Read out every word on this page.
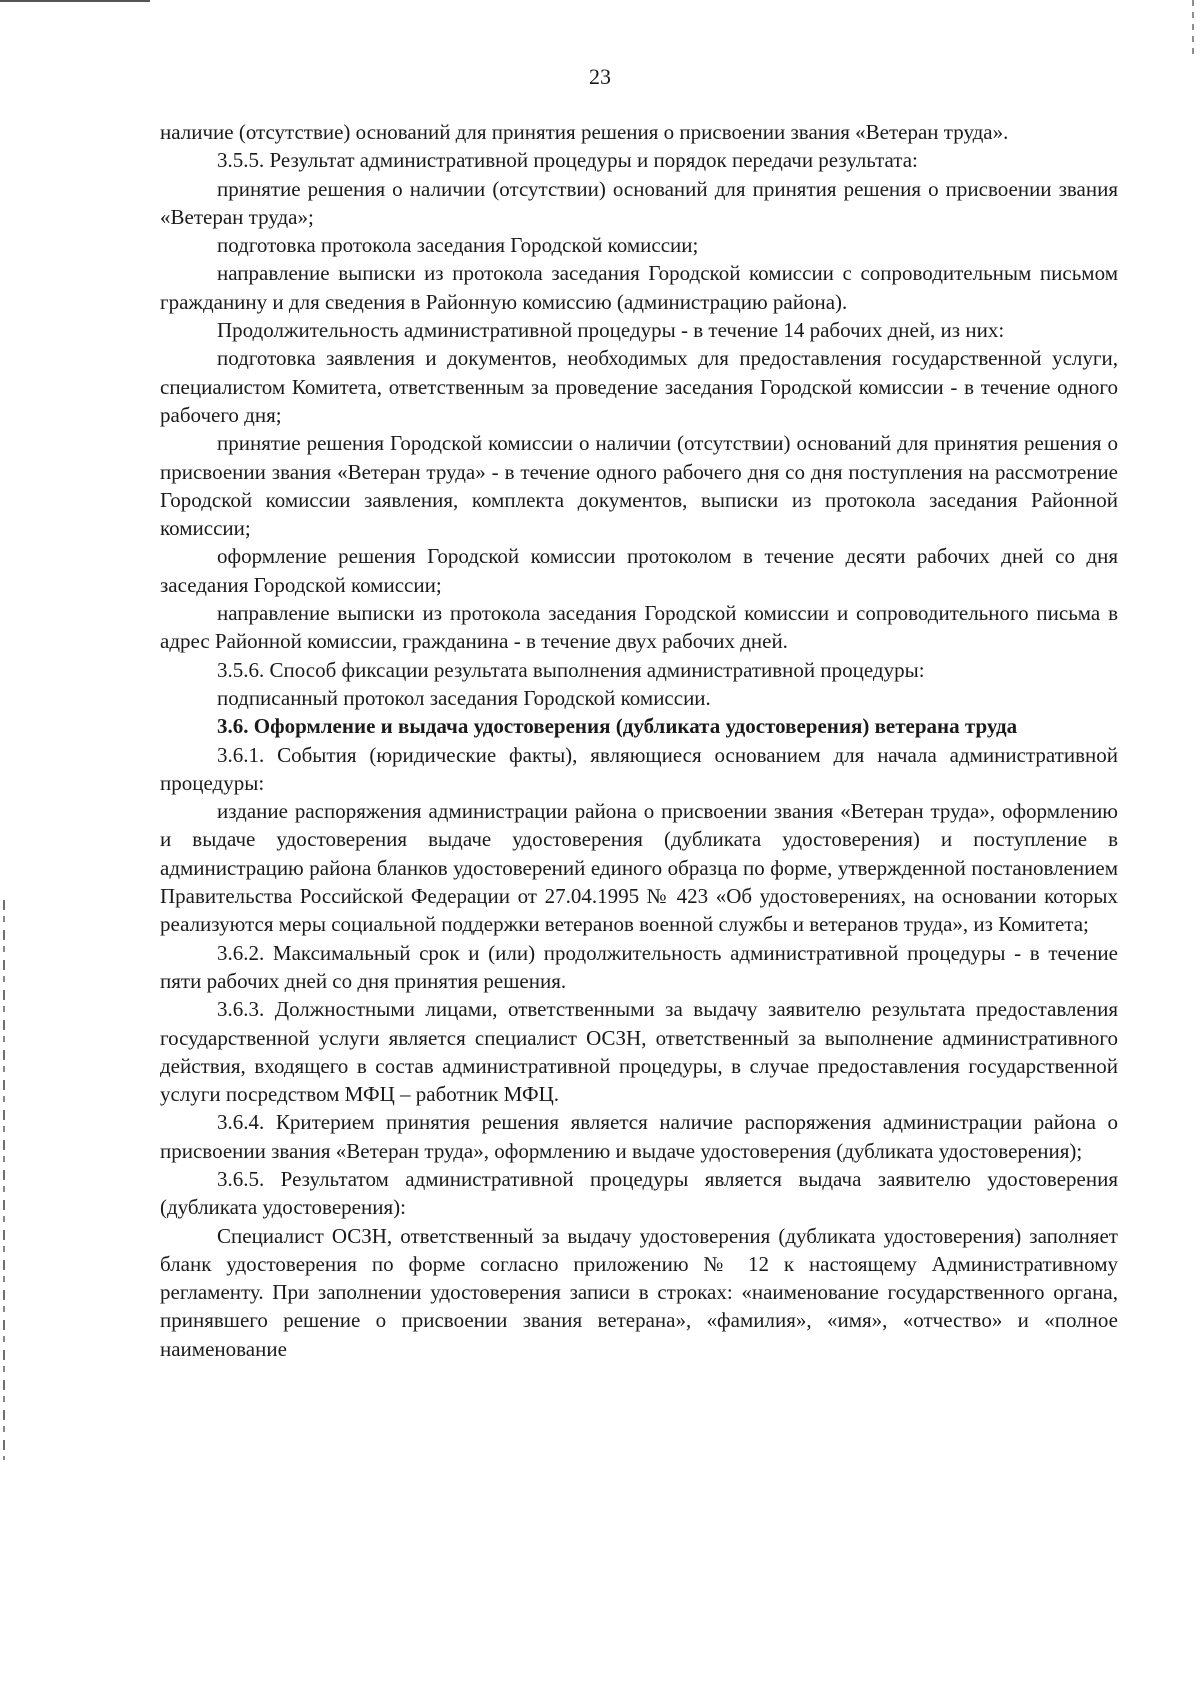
23

наличие (отсутствие) оснований для принятия решения о присвоении звания «Ветеран труда».

3.5.5. Результат административной процедуры и порядок передачи результата:

принятие решения о наличии (отсутствии) оснований для принятия решения о присвоении звания «Ветеран труда»;

подготовка протокола заседания Городской комиссии;

направление выписки из протокола заседания Городской комиссии с сопроводительным письмом гражданину и для сведения в Районную комиссию (администрацию района).

Продолжительность административной процедуры - в течение 14 рабочих дней, из них:

подготовка заявления и документов, необходимых для предоставления государственной услуги, специалистом Комитета, ответственным за проведение заседания Городской комиссии - в течение одного рабочего дня;

принятие решения Городской комиссии о наличии (отсутствии) оснований для принятия решения о присвоении звания «Ветеран труда» - в течение одного рабочего дня со дня поступления на рассмотрение Городской комиссии заявления, комплекта документов, выписки из протокола заседания Районной комиссии;

оформление решения Городской комиссии протоколом в течение десяти рабочих дней со дня заседания Городской комиссии;

направление выписки из протокола заседания Городской комиссии и сопроводительного письма в адрес Районной комиссии, гражданина - в течение двух рабочих дней.

3.5.6. Способ фиксации результата выполнения административной процедуры:

подписанный протокол заседания Городской комиссии.

3.6. Оформление и выдача удостоверения (дубликата удостоверения) ветерана труда

3.6.1. События (юридические факты), являющиеся основанием для начала административной процедуры:

издание распоряжения администрации района о присвоении звания «Ветеран труда», оформлению и выдаче удостоверения выдаче удостоверения (дубликата удостоверения) и поступление в администрацию района бланков удостоверений единого образца по форме, утвержденной постановлением Правительства Российской Федерации от 27.04.1995 № 423 «Об удостоверениях, на основании которых реализуются меры социальной поддержки ветеранов военной службы и ветеранов труда», из Комитета;

3.6.2. Максимальный срок и (или) продолжительность административной процедуры - в течение пяти рабочих дней со дня принятия решения.

3.6.3. Должностными лицами, ответственными за выдачу заявителю результата предоставления государственной услуги является специалист ОСЗН, ответственный за выполнение административного действия, входящего в состав административной процедуры, в случае предоставления государственной услуги посредством МФЦ – работник МФЦ.

3.6.4. Критерием принятия решения является наличие распоряжения администрации района о присвоении звания «Ветеран труда», оформлению и выдаче удостоверения (дубликата удостоверения);

3.6.5. Результатом административной процедуры является выдача заявителю удостоверения (дубликата удостоверения):

Специалист ОСЗН, ответственный за выдачу удостоверения (дубликата удостоверения) заполняет бланк удостоверения по форме согласно приложению № 12 к настоящему Административному регламенту. При заполнении удостоверения записи в строках: «наименование государственного органа, принявшего решение о присвоении звания ветерана», «фамилия», «имя», «отчество» и «полное наименование
